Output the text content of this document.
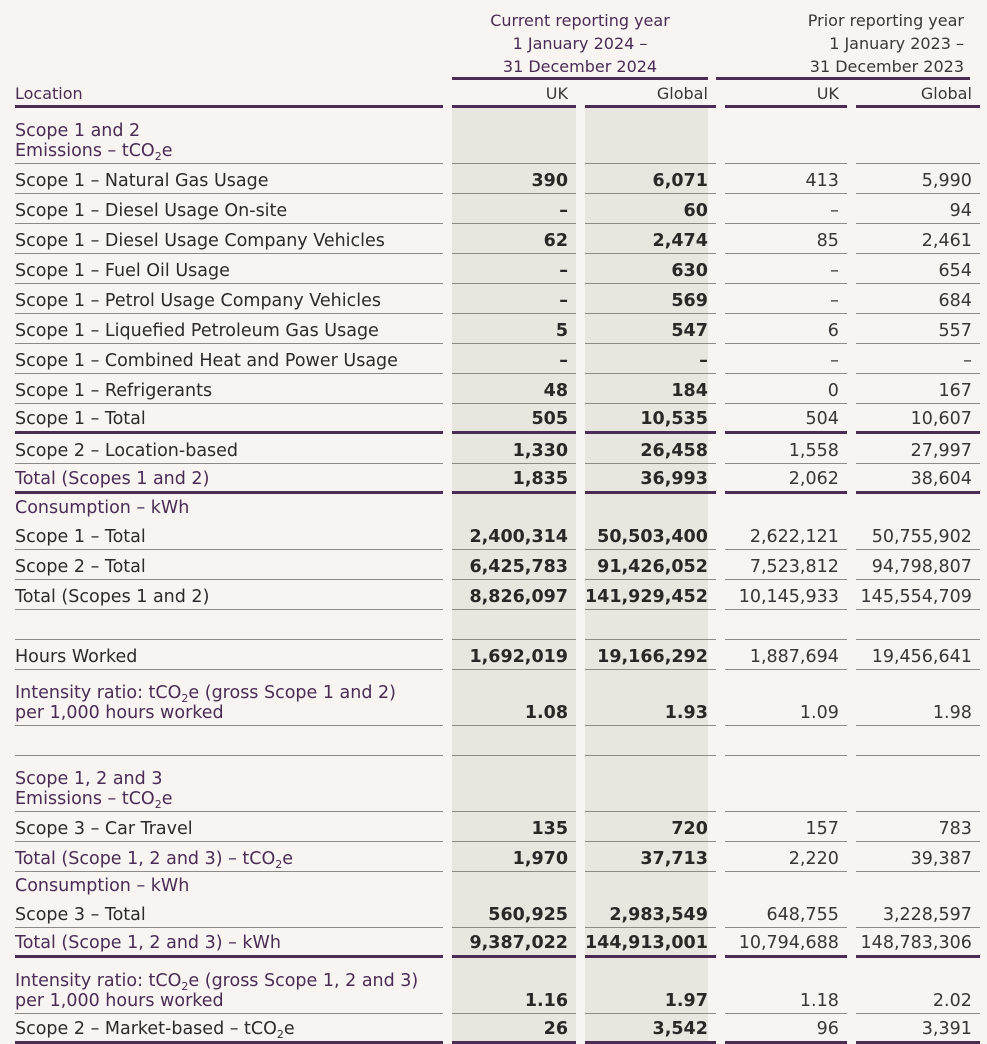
Current reporting year
1 January 2024 –
31 December 2024
Prior reporting year
1 January 2023 –
31 December 2023
Location		UK		Global		UK		Global
Scope 1 and 2
Emissions – tCO$_2$e								
Scope 1 – Natural Gas Usage		390		6,071		413		5,990
Scope 1 – Diesel Usage On-site		–		60		–		94
Scope 1 – Diesel Usage Company Vehicles		62		2,474		85		2,461
Scope 1 – Fuel Oil Usage		–		630		–		654
Scope 1 – Petrol Usage Company Vehicles		–		569		–		684
Scope 1 – Liquefied Petroleum Gas Usage		5		547		6		557
Scope 1 – Combined Heat and Power Usage		–		–		–		–
Scope 1 – Refrigerants		48		184		0		167
Scope 1 – Total		505		10,535		504		10,607
Scope 2 – Location-based		1,330		26,458		1,558		27,997
Total (Scopes 1 and 2)		1,835		36,993		2,062		38,604
Consumption – kWh								
Scope 1 – Total		2,400,314		50,503,400		2,622,121		50,755,902
Scope 2 – Total		6,425,783		91,426,052		7,523,812		94,798,807
Total (Scopes 1 and 2)		8,826,097		141,929,452		10,145,933		145,554,709

Hours Worked		1,692,019		19,166,292		1,887,694		19,456,641
Intensity ratio: tCO$_2$e (gross Scope 1 and 2)
per 1,000 hours worked		1.08		1.93		1.09		1.98

Scope 1, 2 and 3
Emissions – tCO$_2$e								
Scope 3 – Car Travel		135		720		157		783
Total (Scope 1, 2 and 3) – tCO$_2$e		1,970		37,713		2,220		39,387
Consumption – kWh								
Scope 3 – Total		560,925		2,983,549		648,755		3,228,597
Total (Scope 1, 2 and 3) – kWh		9,387,022		144,913,001		10,794,688		148,783,306
Intensity ratio: tCO$_2$e (gross Scope 1, 2 and 3)
per 1,000 hours worked		1.16		1.97		1.18		2.02
Scope 2 – Market-based – tCO$_2$e		26		3,542		96		3,391
